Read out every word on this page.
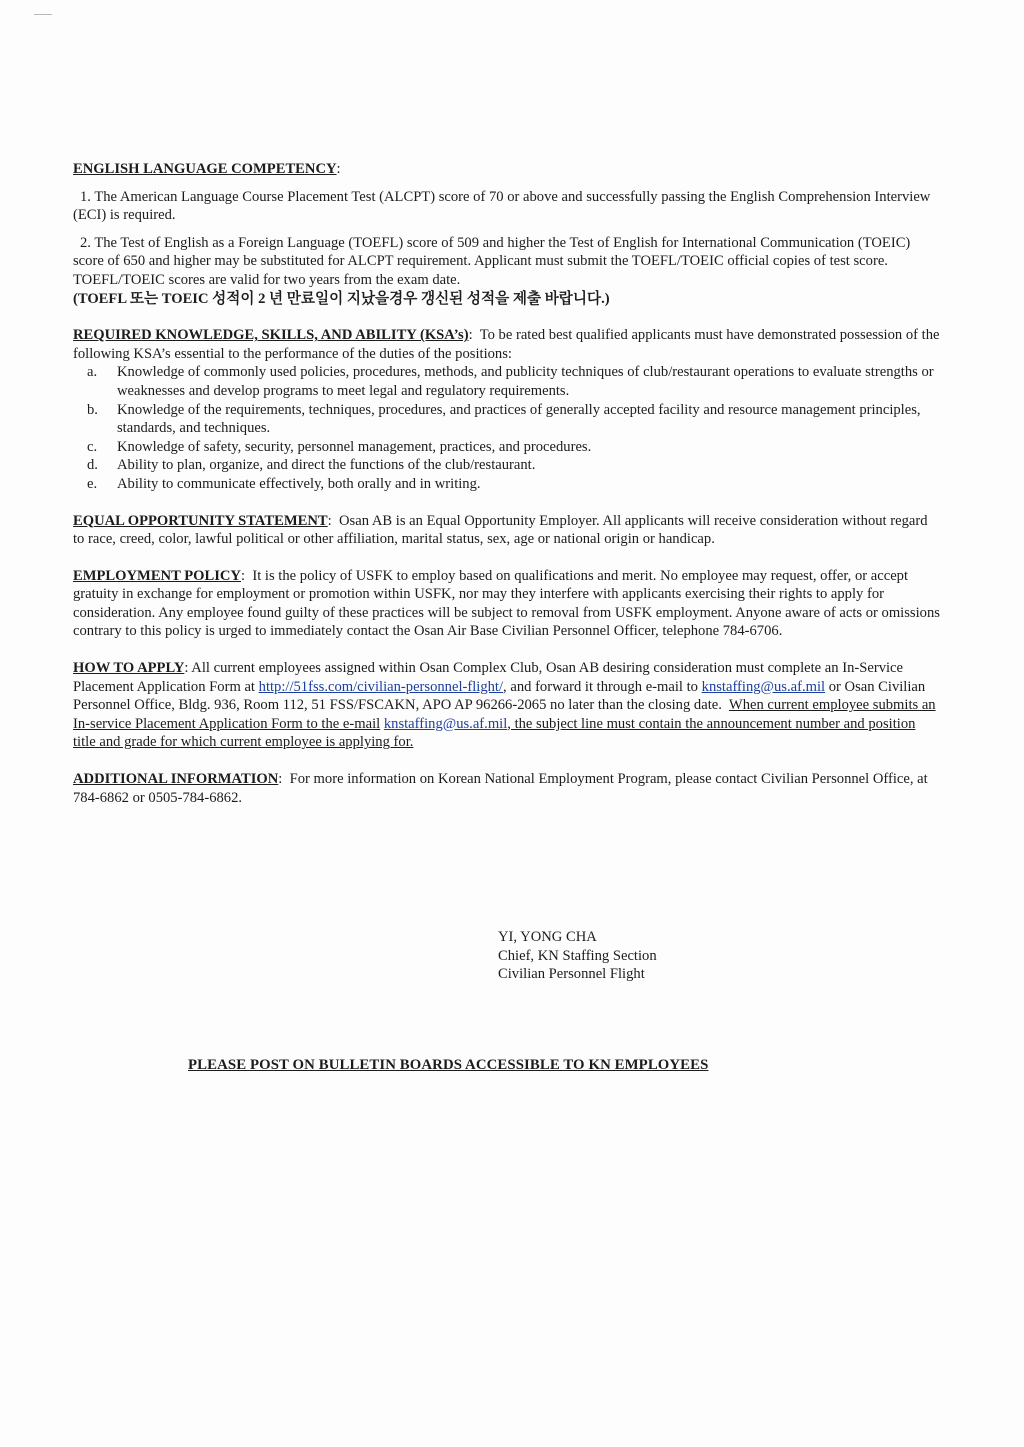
ENGLISH LANGUAGE COMPETENCY:
1. The American Language Course Placement Test (ALCPT) score of 70 or above and successfully passing the English Comprehension Interview (ECI) is required.
2. The Test of English as a Foreign Language (TOEFL) score of 509 and higher the Test of English for International Communication (TOEIC) score of 650 and higher may be substituted for ALCPT requirement. Applicant must submit the TOEFL/TOEIC official copies of test score. TOEFL/TOEIC scores are valid for two years from the exam date.
(TOEFL 또는 TOEIC 성적이 2 년 만료일이 지났을경우 갱신된 성적을 제출 바랍니다.)
REQUIRED KNOWLEDGE, SKILLS, AND ABILITY (KSA’s):  To be rated best qualified applicants must have demonstrated possession of the following KSA’s essential to the performance of the duties of the positions:
a. Knowledge of commonly used policies, procedures, methods, and publicity techniques of club/restaurant operations to evaluate strengths or weaknesses and develop programs to meet legal and regulatory requirements.
b. Knowledge of the requirements, techniques, procedures, and practices of generally accepted facility and resource management principles, standards, and techniques.
c. Knowledge of safety, security, personnel management, practices, and procedures.
d. Ability to plan, organize, and direct the functions of the club/restaurant.
e. Ability to communicate effectively, both orally and in writing.
EQUAL OPPORTUNITY STATEMENT:  Osan AB is an Equal Opportunity Employer. All applicants will receive consideration without regard to race, creed, color, lawful political or other affiliation, marital status, sex, age or national origin or handicap.
EMPLOYMENT POLICY:  It is the policy of USFK to employ based on qualifications and merit. No employee may request, offer, or accept gratuity in exchange for employment or promotion within USFK, nor may they interfere with applicants exercising their rights to apply for consideration. Any employee found guilty of these practices will be subject to removal from USFK employment. Anyone aware of acts or omissions contrary to this policy is urged to immediately contact the Osan Air Base Civilian Personnel Officer, telephone 784-6706.
HOW TO APPLY: All current employees assigned within Osan Complex Club, Osan AB desiring consideration must complete an In-Service Placement Application Form at http://51fss.com/civilian-personnel-flight/, and forward it through e-mail to knstaffing@us.af.mil or Osan Civilian Personnel Office, Bldg. 936, Room 112, 51 FSS/FSCAKN, APO AP 96266-2065 no later than the closing date. When current employee submits an In-service Placement Application Form to the e-mail knstaffing@us.af.mil, the subject line must contain the announcement number and position title and grade for which current employee is applying for.
ADDITIONAL INFORMATION:  For more information on Korean National Employment Program, please contact Civilian Personnel Office, at 784-6862 or 0505-784-6862.
YI, YONG CHA
Chief, KN Staffing Section
Civilian Personnel Flight
PLEASE POST ON BULLETIN BOARDS ACCESSIBLE TO KN EMPLOYEES
